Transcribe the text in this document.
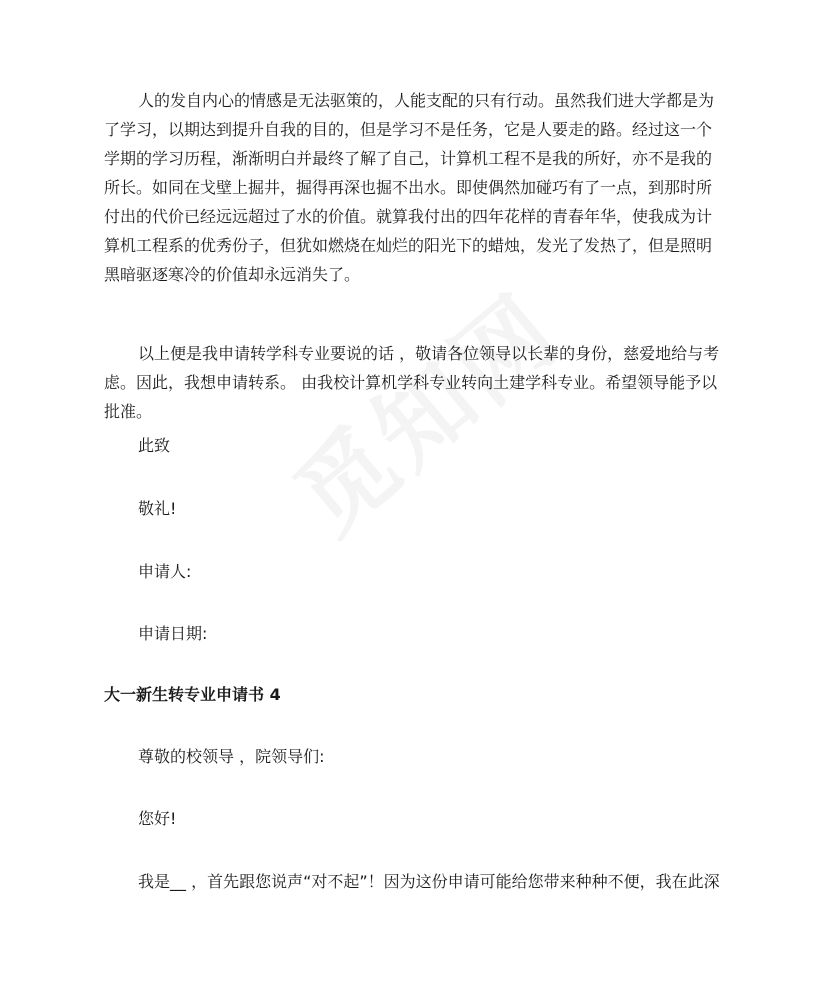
人的发自内心的情感是无法驱策的，人能支配的只有行动。虽然我们进大学都是为了学习，以期达到提升自我的目的，但是学习不是任务，它是人要走的路。经过这一个学期的学习历程，渐渐明白并最终了解了自己，计算机工程不是我的所好，亦不是我的所长。如同在戈壁上掘井，掘得再深也掘不出水。即使偶然加碰巧有了一点，到那时所付出的代价已经远远超过了水的价值。就算我付出的四年花样的青春年华，使我成为计算机工程系的优秀份子，但犹如燃烧在灿烂的阳光下的蜡烛，发光了发热了，但是照明黑暗驱逐寒冷的价值却永远消失了。

以上便是我申请转学科专业要说的话 ，敬请各位领导以长辈的身份，慈爱地给与考虑。因此，我想申请转系。 由我校计算机学科专业转向土建学科专业。希望领导能予以批准。

此致

敬礼!

申请人:

申请日期:

大一新生转专业申请书 4

尊敬的校领导 ，院领导们:

您好!

我是__ ，首先跟您说声“对不起”！因为这份申请可能给您带来种种不便，我在此深
